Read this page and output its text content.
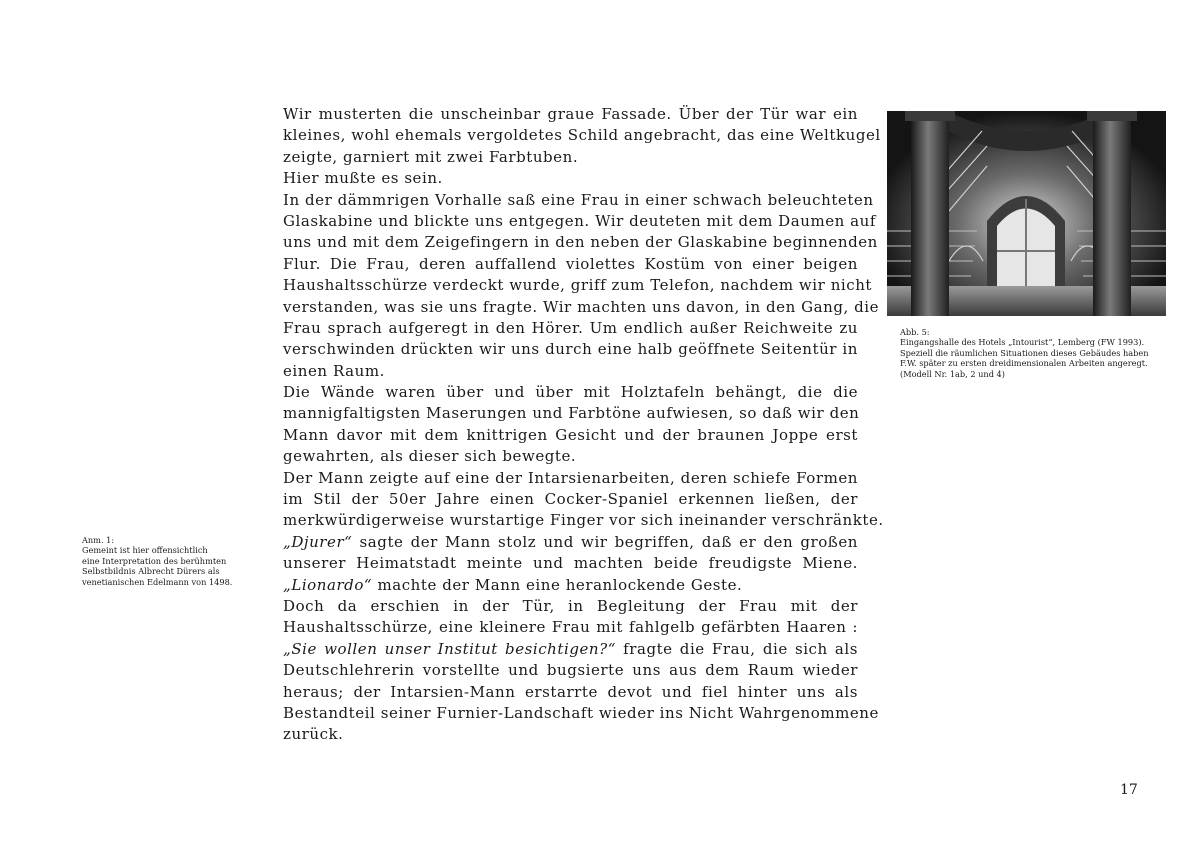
Wir musterten die unscheinbar graue Fassade. Über der Tür war ein
kleines, wohl ehemals vergoldetes Schild angebracht, das eine Weltkugel
zeigte, garniert mit zwei Farbtuben.
Hier mußte es sein.
In der dämmrigen Vorhalle saß eine Frau in einer schwach beleuchteten
Glaskabine und blickte uns entgegen. Wir deuteten mit dem Daumen auf
uns und mit dem Zeigefingern in den neben der Glaskabine beginnenden
Flur. Die Frau, deren auffallend violettes Kostüm von einer beigen
Haushaltsschürze verdeckt wurde, griff zum Telefon, nachdem wir nicht
verstanden, was sie uns fragte. Wir machten uns davon, in den Gang, die
Frau sprach aufgeregt in den Hörer. Um endlich außer Reichweite zu
verschwinden drückten wir uns durch eine halb geöffnete Seitentür in
einen Raum.
Die Wände waren über und über mit Holztafeln behängt, die die
mannigfaltigsten Maserungen und Farbtöne aufwiesen, so daß wir den
Mann davor mit dem knittrigen Gesicht und der braunen Joppe erst
gewahrten, als dieser sich bewegte.
Der Mann zeigte auf eine der Intarsienarbeiten, deren schiefe Formen
im Stil der 50er Jahre einen Cocker-Spaniel erkennen ließen, der
merkwürdigerweise wurstartige Finger vor sich ineinander verschränkte.
„Djurer“ sagte der Mann stolz und wir begriffen, daß er den großen
unserer Heimatstadt meinte und machten beide freudigste Miene.
„Lionardo“ machte der Mann eine heranlockende Geste.
Doch da erschien in der Tür, in Begleitung der Frau mit der
Haushaltsschürze, eine kleinere Frau mit fahlgelb gefärbten Haaren :
„Sie wollen unser Institut besichtigen?“ fragte die Frau, die sich als
Deutschlehrerin vorstellte und bugsierte uns aus dem Raum wieder
heraus; der Intarsien-Mann erstarrte devot und fiel hinter uns als
Bestandteil seiner Furnier-Landschaft wieder ins Nicht Wahrgenommene
zurück.
Anm. 1:
Gemeint ist hier offensichtlich
eine Interpretation des berühmten
Selbstbildnis Albrecht Dürers als
venetianischen Edelmann von 1498.
Abb. 5:
Eingangshalle des Hotels „Intourist“, Lemberg (FW 1993).
Speziell die räumlichen Situationen dieses Gebäudes haben
F.W. später zu ersten dreidimensionalen Arbeiten angeregt.
(Modell Nr. 1ab, 2 und 4)
17
